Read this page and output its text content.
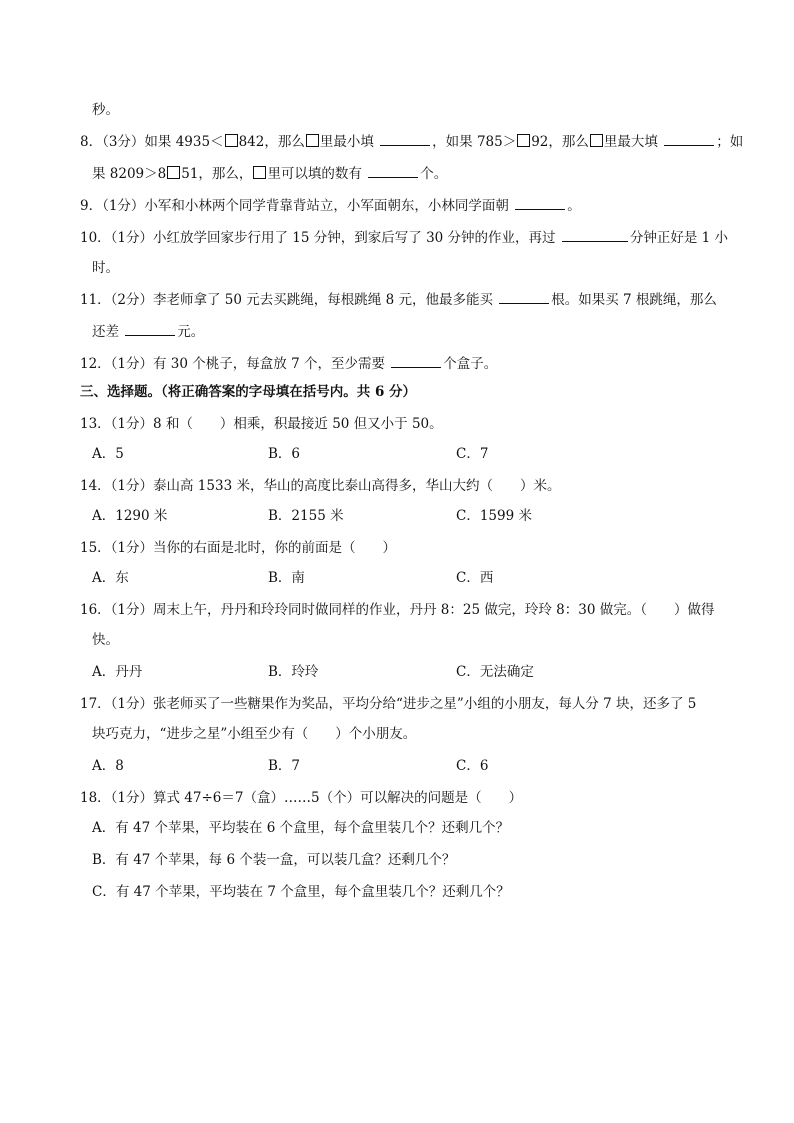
秒。
8．（3分）如果 4935＜ 842，那么 里最小填	，如果 785＞ 92，那么 里最大填	；如
果 8209＞8 51，那么， 里可以填的数有	个。
9．（1分）小军和小林两个同学背靠背站立，小军面朝东，小林同学面朝	。
10．（1分）小红放学回家步行用了 15 分钟，到家后写了 30 分钟的作业，再过	分钟正好是 1 小
时。
11．（2分）李老师拿了 50 元去买跳绳，每根跳绳 8 元，他最多能买	根。如果买 7 根跳绳，那么
还差	元。
12．（1分）有 30 个桃子，每盒放 7 个，至少需要	个盒子。
三、选择题。（将正确答案的字母填在括号内。共 6 分）
13．（1分）8 和（　　）相乘，积最接近 50 但又小于 50。
A．5	B．6	C．7
14．（1分）泰山高 1533 米，华山的高度比泰山高得多，华山大约（　　）米。
A．1290 米	B．2155 米	C．1599 米
15．（1分）当你的右面是北时，你的前面是（　　）
A．东	B．南	C．西
16．（1分）周末上午，丹丹和玲玲同时做同样的作业，丹丹 8：25 做完，玲玲 8：30 做完。（　　）做得
快。
A．丹丹	B．玲玲	C．无法确定
17．（1分）张老师买了一些糖果作为奖品，平均分给“进步之星”小组的小朋友，每人分 7 块，还多了 5
块巧克力，“进步之星”小组至少有（　　）个小朋友。
A．8	B．7	C．6
18．（1分）算式 47÷6＝7（盒）……5（个）可以解决的问题是（　　）
A．有 47 个苹果，平均装在 6 个盒里，每个盒里装几个？还剩几个？
B．有 47 个苹果，每 6 个装一盒，可以装几盒？还剩几个？
C．有 47 个苹果，平均装在 7 个盒里，每个盒里装几个？还剩几个？
